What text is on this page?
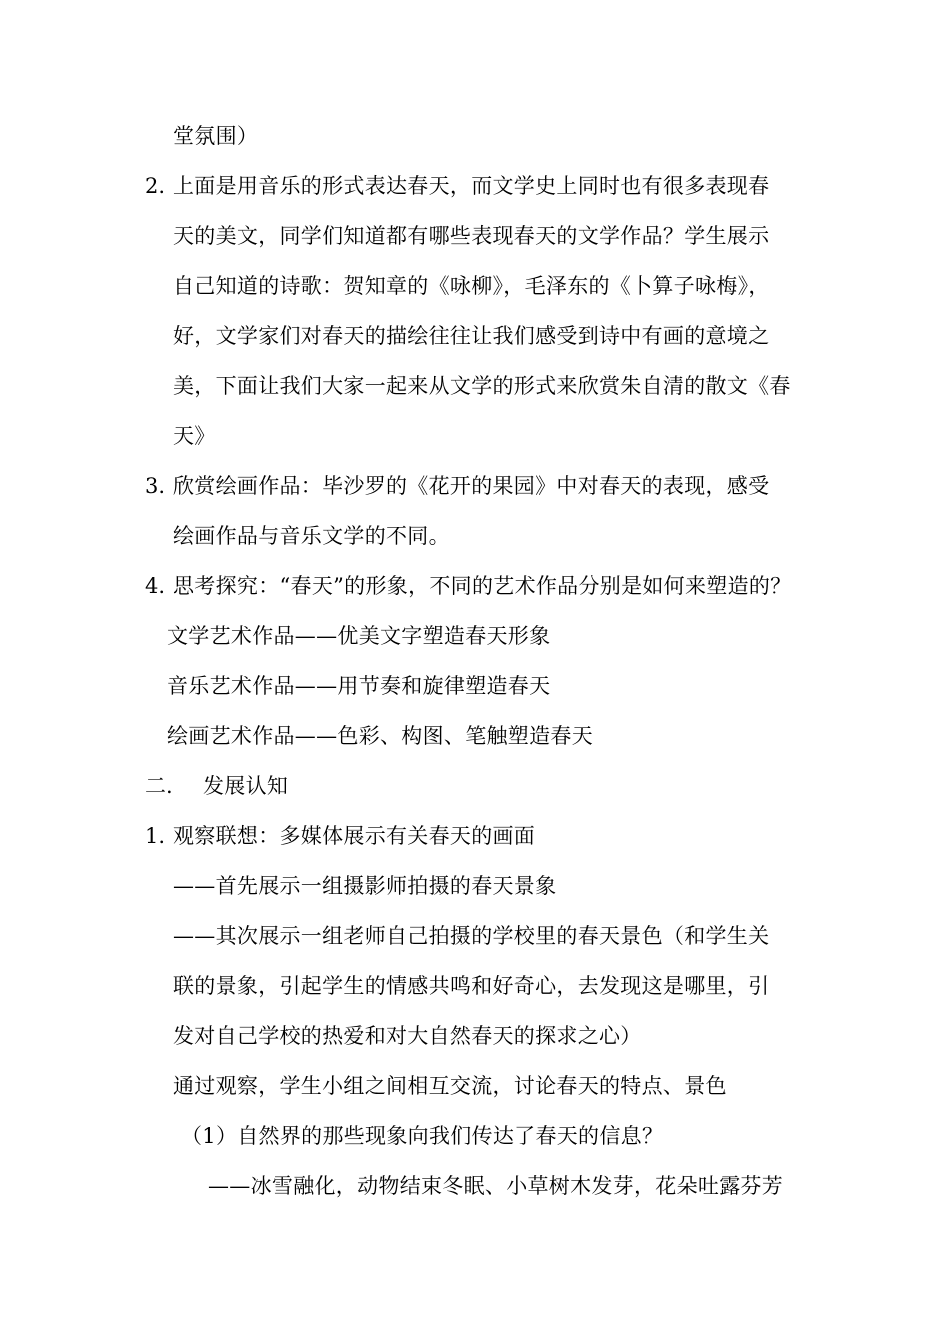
堂氛围）
2. 上面是用音乐的形式表达春天，而文学史上同时也有很多表现春
天的美文，同学们知道都有哪些表现春天的文学作品？学生展示
自己知道的诗歌：贺知章的《咏柳》，毛泽东的《卜算子咏梅》，
好，文学家们对春天的描绘往往让我们感受到诗中有画的意境之
美，下面让我们大家一起来从文学的形式来欣赏朱自清的散文《春
天》
3. 欣赏绘画作品：毕沙罗的《花开的果园》中对春天的表现，感受
绘画作品与音乐文学的不同。
4. 思考探究：“春天”的形象，不同的艺术作品分别是如何来塑造的？
文学艺术作品——优美文字塑造春天形象
音乐艺术作品——用节奏和旋律塑造春天
绘画艺术作品——色彩、构图、笔触塑造春天
二. 发展认知
1. 观察联想：多媒体展示有关春天的画面
——首先展示一组摄影师拍摄的春天景象
——其次展示一组老师自己拍摄的学校里的春天景色（和学生关
联的景象，引起学生的情感共鸣和好奇心，去发现这是哪里，引
发对自己学校的热爱和对大自然春天的探求之心）
通过观察，学生小组之间相互交流，讨论春天的特点、景色
（1）自然界的那些现象向我们传达了春天的信息？
——冰雪融化，动物结束冬眠、小草树木发芽，花朵吐露芬芳
